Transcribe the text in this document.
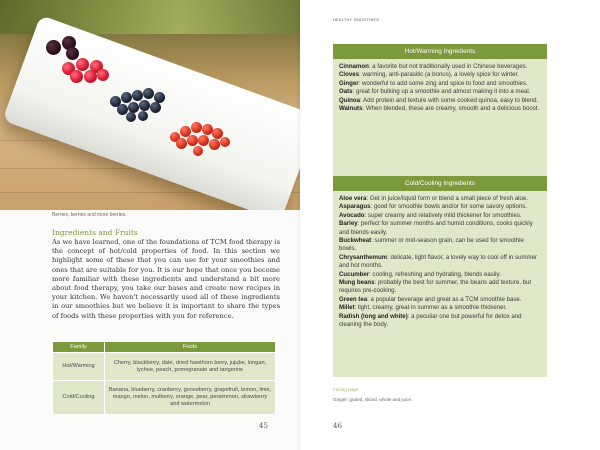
Berries, berries and more berries.
Ingredients and Fruits

As we have learned, one of the foundations of TCM food therapy is the concept of hot/cold properties of food. In this section we highlight some of these that you can use for your smoothies and ones that are suitable for you. It is our hope that once you become more familiar with these ingredients and understand a bit more about food therapy, you take our bases and create new recipes in your kitchen. We haven't necessarily used all of these ingredients in our smoothies but we believe it is important to share the types of foods with these properties with you for reference.

Family	Fruits
Hot/Warming	Cherry, blackberry, date, dried hawthorn berry, jujube, longan, lychee, peach, pomegranate and tangerine
Cold/Cooling	Banana, blueberry, cranberry, gooseberry, grapefruit, lemon, lime, mango, melon, mulberry, orange, pear, persimmon, strawberry and watermelon
45
HEALTHY SMOOTHIES
Hot/Warming Ingredients
Cinnamon: a favorite but not traditionally used in Chinese beverages.
Cloves: warming, anti-parasitic (a bonus), a lovely spice for winter.
Ginger: wonderful to add some zing and spice to food and smoothies.
Oats: great for bulking up a smoothie and almost making it into a meal.
Quinoa: Add protein and texture with some cooked quinoa, easy to blend.
Walnuts: When blended, these are creamy, smooth and a delicious boost.
Cold/Cooling Ingredients
Aloe vera: Get in juice/liquid form or blend a small piece of fresh aloe.
Asparagus: good for smoothie bowls and/or for some savory options.
Avocado: super creamy and relatively mild thickener for smoothies.
Barley: perfect for summer months and humid conditions, cooks quickly and blends easily.
Buckwheat: summer or mid-season grain, can be used for smoothie bowls.
Chrysanthemum: delicate, light flavor, a lovely way to cool off in summer and hot months.
Cucumber: cooling, refreshing and hydrating, blends easily.
Mung beans: probably the best for summer, the beans add texture, but requires pre-cooking.
Green tea: a popular beverage and great as a TCM smoothie base.
Millet: light, creamy, great in summer as a smoothie thickener.
Radish (long and white): a peculiar one but powerful for detox and cleaning the body.
Facing page
Ginger: grated, sliced, whole and juice.
46
